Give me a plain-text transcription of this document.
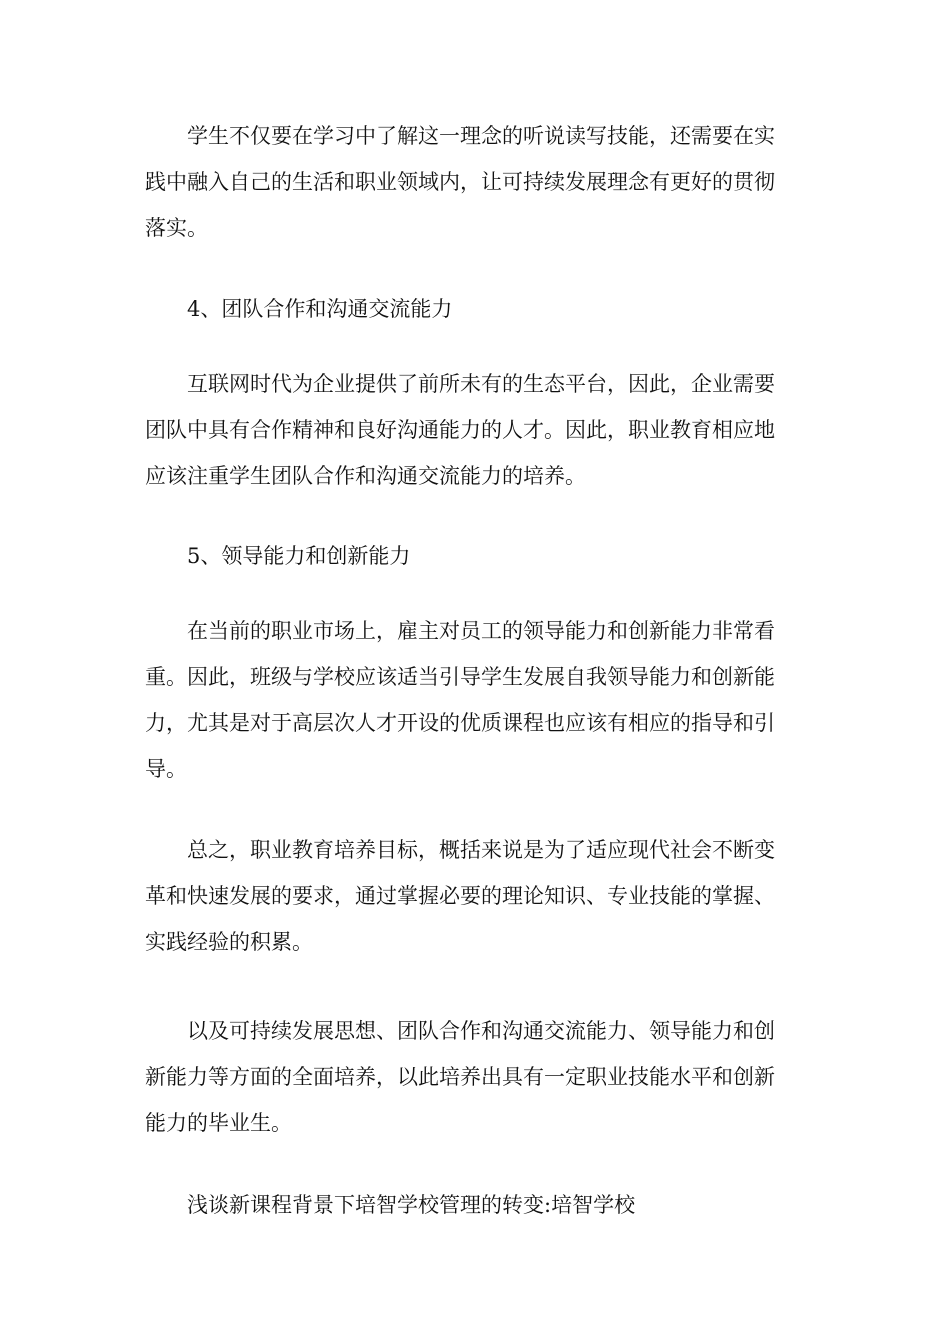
学生不仅要在学习中了解这一理念的听说读写技能，还需要在实
践中融入自己的生活和职业领域内，让可持续发展理念有更好的贯彻
落实。

4、团队合作和沟通交流能力

互联网时代为企业提供了前所未有的生态平台，因此，企业需要
团队中具有合作精神和良好沟通能力的人才。因此，职业教育相应地
应该注重学生团队合作和沟通交流能力的培养。

5、领导能力和创新能力

在当前的职业市场上，雇主对员工的领导能力和创新能力非常看
重。因此，班级与学校应该适当引导学生发展自我领导能力和创新能
力，尤其是对于高层次人才开设的优质课程也应该有相应的指导和引
导。

总之，职业教育培养目标，概括来说是为了适应现代社会不断变
革和快速发展的要求，通过掌握必要的理论知识、专业技能的掌握、
实践经验的积累。

以及可持续发展思想、团队合作和沟通交流能力、领导能力和创
新能力等方面的全面培养，以此培养出具有一定职业技能水平和创新
能力的毕业生。

浅谈新课程背景下培智学校管理的转变:培智学校
